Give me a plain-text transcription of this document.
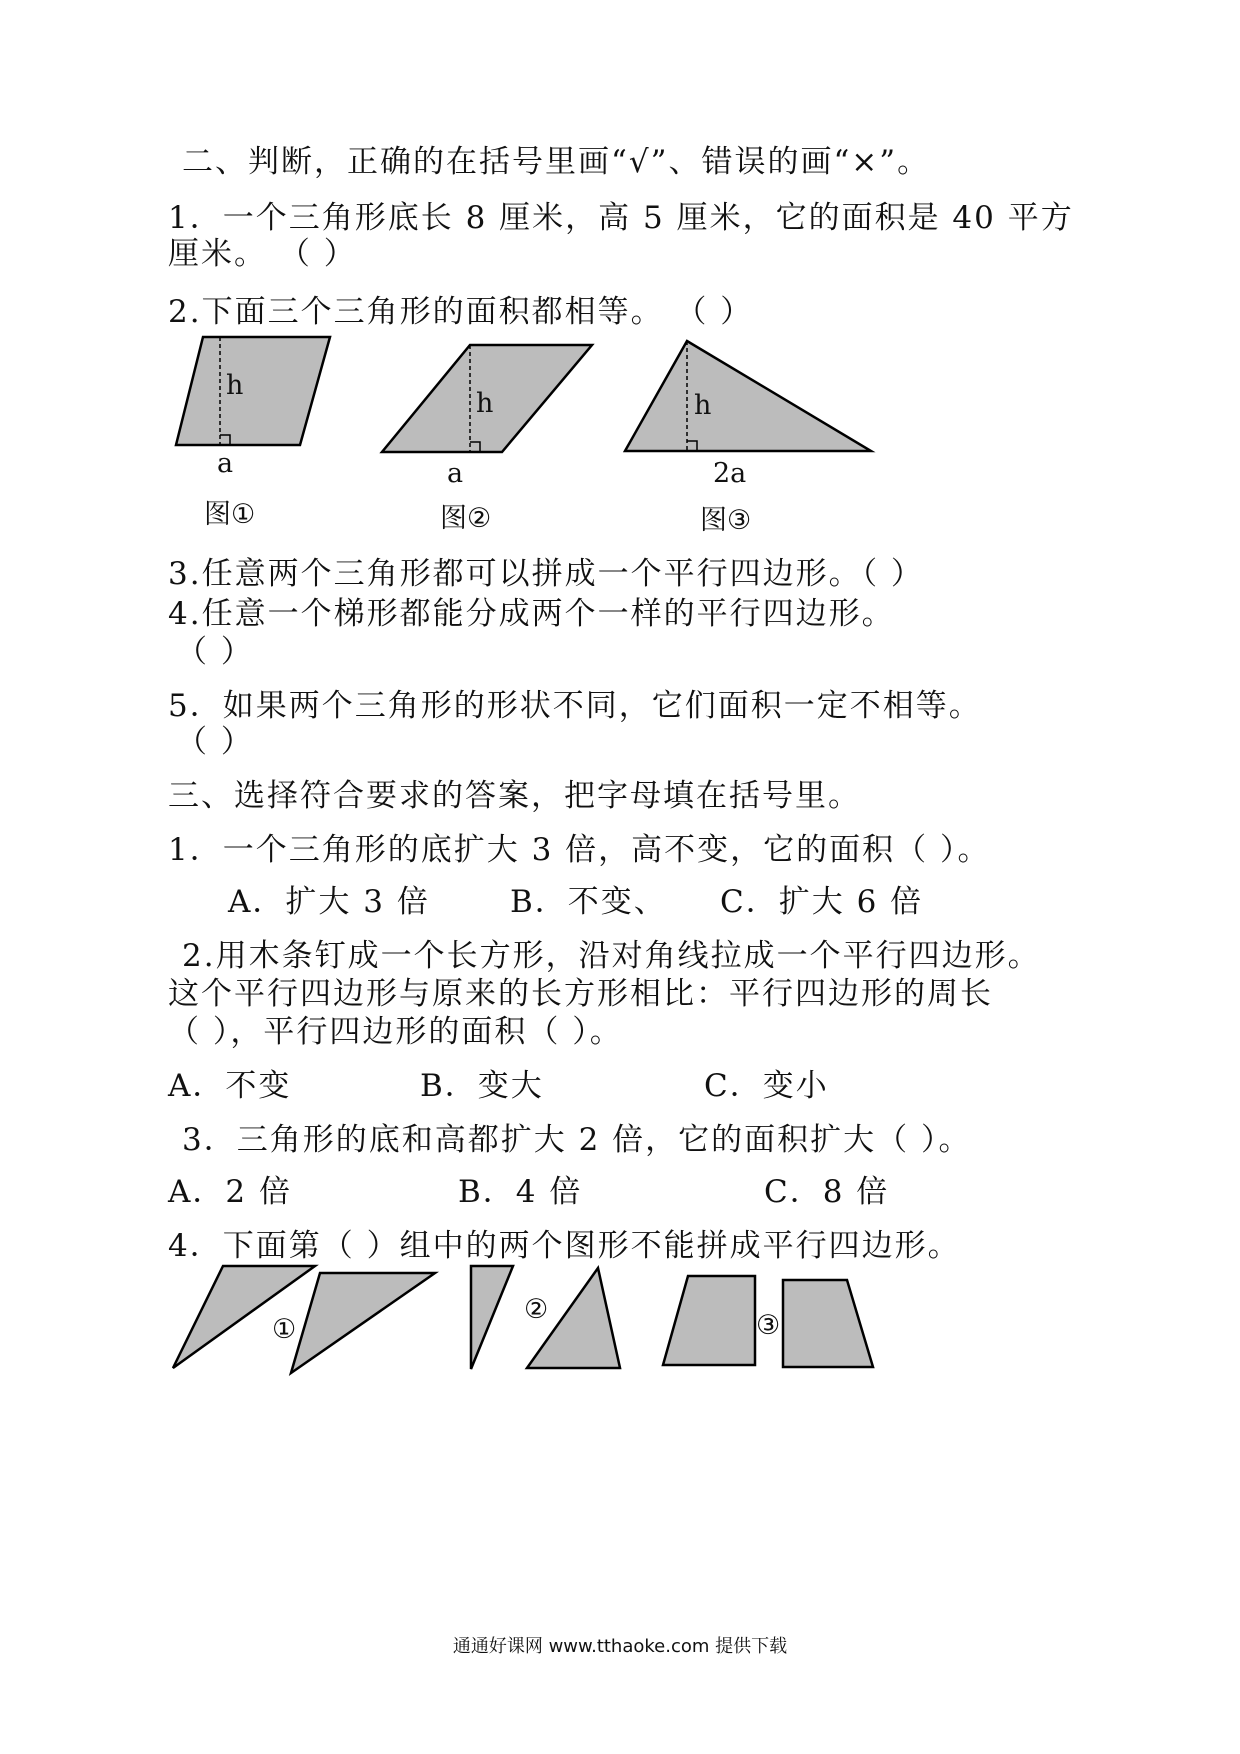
二、判断，正确的在括号里画“√”、错误的画“×”。
1．一个三角形底长 8 厘米，高 5 厘米，它的面积是 40 平方
厘米。 （ ）
2.下面三个三角形的面积都相等。 （ ）
h
a
图①
h
a
图②
h
2a
图③
3.任意两个三角形都可以拼成一个平行四边形。（ ）
4.任意一个梯形都能分成两个一样的平行四边形。
（ ）
5．如果两个三角形的形状不同，它们面积一定不相等。
（ ）
三、选择符合要求的答案，把字母填在括号里。
1．一个三角形的底扩大 3 倍，高不变，它的面积（ ）。
A．扩大 3 倍	B．不变、 C．扩大 6 倍
2.用木条钉成一个长方形，沿对角线拉成一个平行四边形。
这个平行四边形与原来的长方形相比：平行四边形的周长
（ ），平行四边形的面积（ ）。
A．不变	B．变大	C．变小
3．三角形的底和高都扩大 2 倍，它的面积扩大（ ）。
A．2 倍	B．4 倍	C．8 倍
4．下面第（ ）组中的两个图形不能拼成平行四边形。
①
②
③
通通好课网 www.tthaoke.com 提供下载
